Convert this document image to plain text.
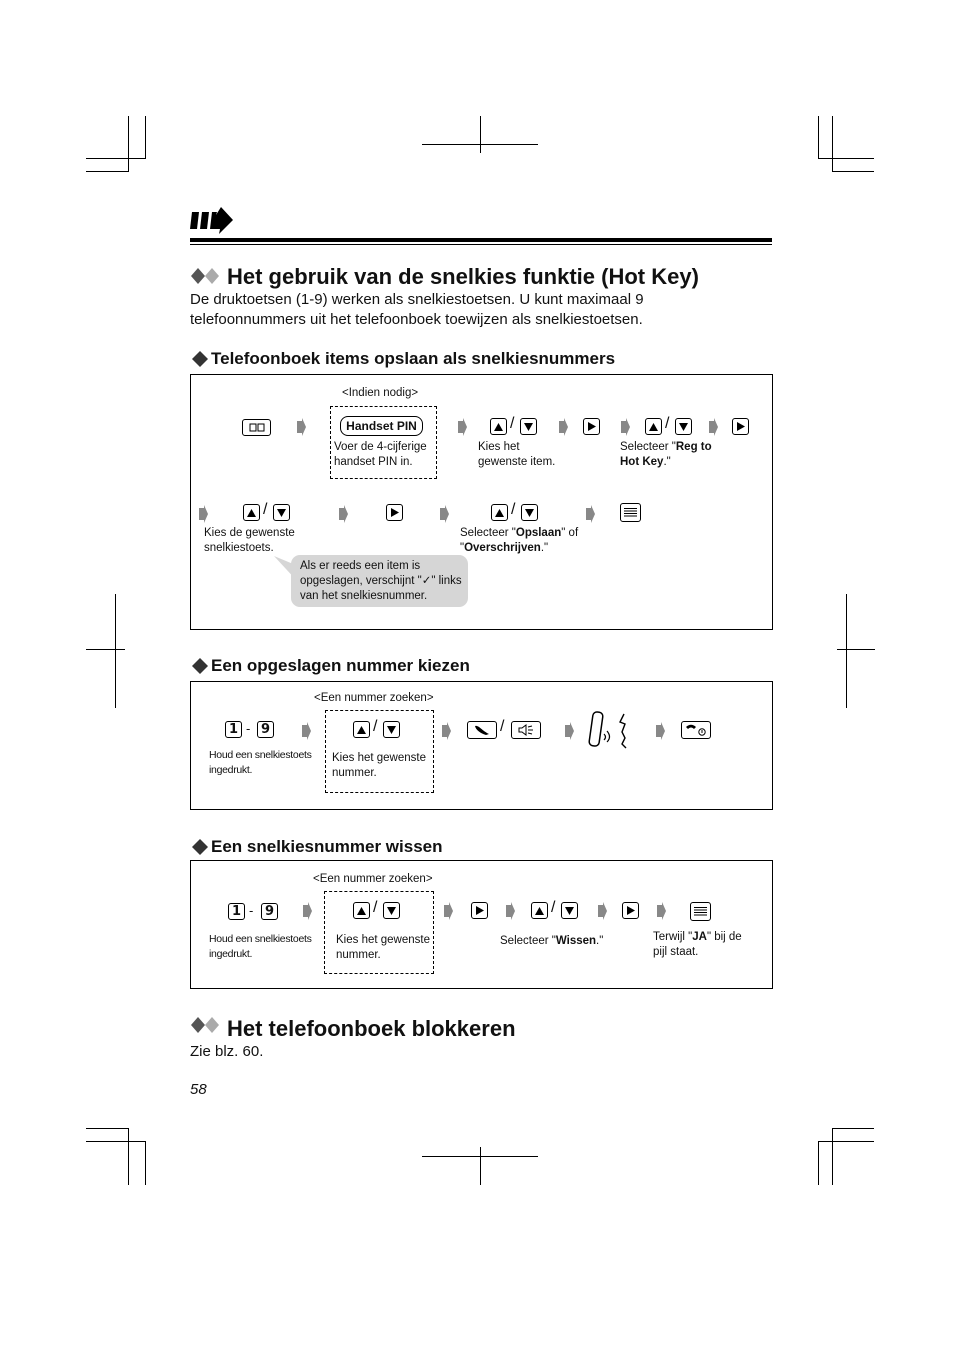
Het gebruik van de snelkies funktie (Hot Key)
De druktoetsen (1-9) werken als snelkiestoetsen. U kunt maximaal 9 telefoonnummers uit het telefoonboek toewijzen als snelkiestoetsen.
Telefoonboek items opslaan als snelkiesnummers
<Indien nodig>
Handset PIN
Voer de 4-cijferige handset PIN in.
/
Kies het gewenste item.
/
Selecteer "Reg to Hot Key."
/
Kies de gewenste snelkiestoets.
/
Selecteer "Opslaan" of "Overschrijven."
Als er reeds een item is opgeslagen, verschijnt "✓" links van het snelkiesnummer.
Een opgeslagen nummer kiezen
<Een nummer zoeken>
1 - 9
Houd een snelkiestoets ingedrukt.
/
Kies het gewenste nummer.
/
Een snelkiesnummer wissen
<Een nummer zoeken>
1 - 9
Houd een snelkiestoets ingedrukt.
/
Kies het gewenste nummer.
/
Selecteer "Wissen."	Terwijl "JA" bij de pijl staat.
Het telefoonboek blokkeren
Zie blz. 60.
58
